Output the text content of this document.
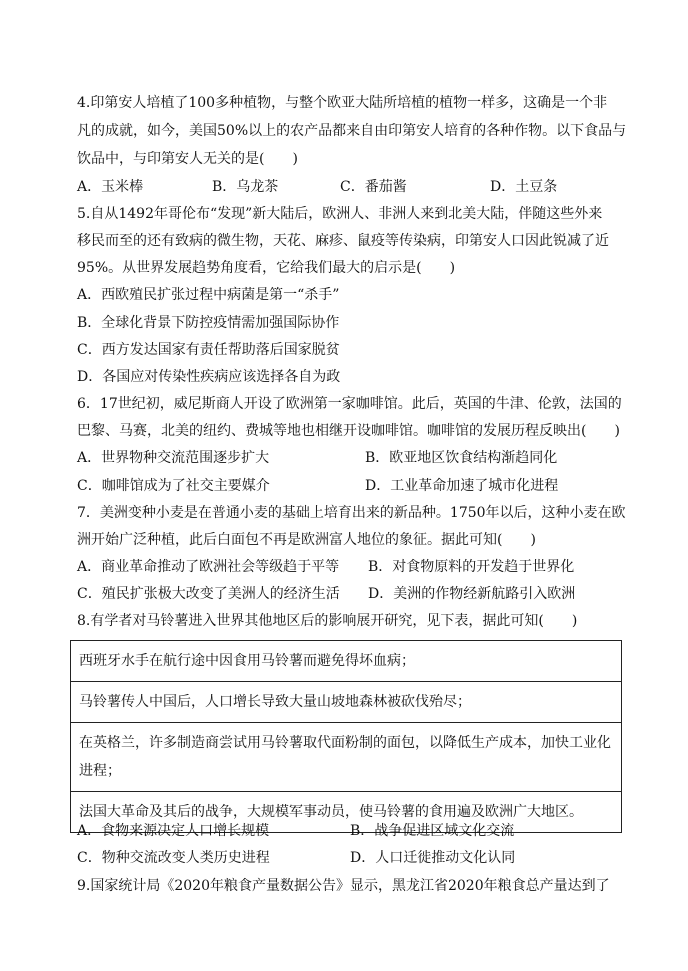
4.印第安人培植了100多种植物，与整个欧亚大陆所培植的植物一样多，这确是一个非
凡的成就，如今，美国50%以上的农产品都来自由印第安人培育的各种作物。以下食品与
饮品中，与印第安人无关的是(　　)
A．玉米棒	B．乌龙茶	C．番茄酱	D．土豆条
5.自从1492年哥伦布“发现”新大陆后，欧洲人、非洲人来到北美大陆，伴随这些外来
移民而至的还有致病的微生物，天花、麻疹、鼠疫等传染病，印第安人口因此锐减了近
95%。从世界发展趋势角度看，它给我们最大的启示是(　　)
A．西欧殖民扩张过程中病菌是第一“杀手”
B．全球化背景下防控疫情需加强国际协作
C．西方发达国家有责任帮助落后国家脱贫
D．各国应对传染性疾病应该选择各自为政
6．17世纪初，威尼斯商人开设了欧洲第一家咖啡馆。此后，英国的牛津、伦敦，法国的
巴黎、马赛，北美的纽约、费城等地也相继开设咖啡馆。咖啡馆的发展历程反映出(　　)
A．世界物种交流范围逐步扩大	B．欧亚地区饮食结构渐趋同化
C．咖啡馆成为了社交主要媒介	D．工业革命加速了城市化进程
7．美洲变种小麦是在普通小麦的基础上培育出来的新品种。1750年以后，这种小麦在欧
洲开始广泛种植，此后白面包不再是欧洲富人地位的象征。据此可知(　　)
A．商业革命推动了欧洲社会等级趋于平等 B．对食物原料的开发趋于世界化
C．殖民扩张极大改变了美洲人的经济生活 D．美洲的作物经新航路引入欧洲
8.有学者对马铃薯进入世界其他地区后的影响展开研究，见下表，据此可知(　　)
西班牙水手在航行途中因食用马铃薯而避免得坏血病；
马铃薯传人中国后，人口增长导致大量山坡地森林被砍伐殆尽；
在英格兰，许多制造商尝试用马铃薯取代面粉制的面包，以降低生产成本，加快工业化进程；
法国大革命及其后的战争，大规模军事动员，使马铃薯的食用遍及欧洲广大地区。
A．食物来源决定人口增长规模	B．战争促进区域文化交流
C．物种交流改变人类历史进程	D．人口迁徙推动文化认同
9.国家统计局《2020年粮食产量数据公告》显示，黑龙江省2020年粮食总产量达到了
